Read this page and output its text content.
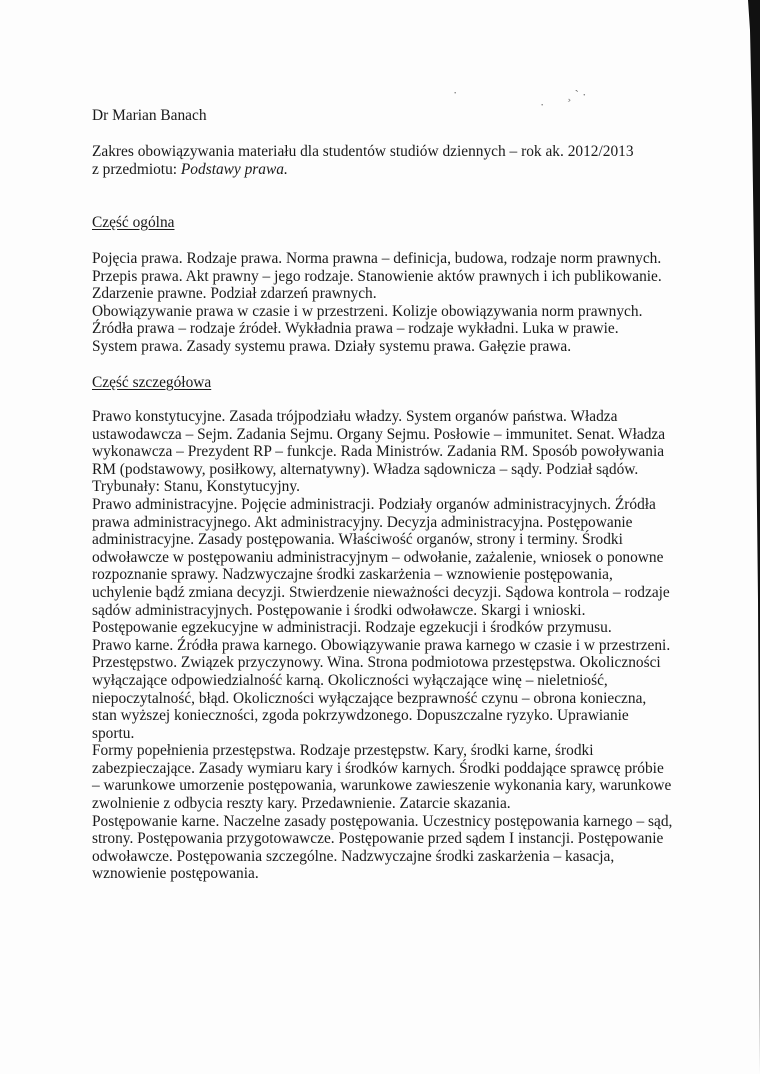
·	¸ ˋ ·
·
Dr Marian Banach
Zakres obowiązywania materiału dla studentów studiów dziennych – rok ak. 2012/2013
z przedmiotu: Podstawy prawa.
Część ogólna
Pojęcia prawa. Rodzaje prawa. Norma prawna – definicja, budowa, rodzaje norm prawnych.
Przepis prawa. Akt prawny – jego rodzaje. Stanowienie aktów prawnych i ich publikowanie.
Zdarzenie prawne. Podział zdarzeń prawnych.
Obowiązywanie prawa w czasie i w przestrzeni. Kolizje obowiązywania norm prawnych.
Źródła prawa – rodzaje źródeł. Wykładnia prawa – rodzaje wykładni. Luka w prawie.
System prawa. Zasady systemu prawa. Działy systemu prawa. Gałęzie prawa.
Część szczegółowa
Prawo konstytucyjne. Zasada trójpodziału władzy. System organów państwa. Władza
ustawodawcza – Sejm. Zadania Sejmu. Organy Sejmu. Posłowie – immunitet. Senat. Władza
wykonawcza – Prezydent RP – funkcje. Rada Ministrów. Zadania RM. Sposób powoływania
RM (podstawowy, posiłkowy, alternatywny). Władza sądownicza – sądy. Podział sądów.
Trybunały: Stanu, Konstytucyjny.
Prawo administracyjne. Pojęcie administracji. Podziały organów administracyjnych. Źródła
prawa administracyjnego. Akt administracyjny. Decyzja administracyjna. Postępowanie
administracyjne. Zasady postępowania. Właściwość organów, strony i terminy. Środki
odwoławcze w postępowaniu administracyjnym – odwołanie, zażalenie, wniosek o ponowne
rozpoznanie sprawy. Nadzwyczajne środki zaskarżenia – wznowienie postępowania,
uchylenie bądź zmiana decyzji. Stwierdzenie nieważności decyzji. Sądowa kontrola – rodzaje
sądów administracyjnych. Postępowanie i środki odwoławcze. Skargi i wnioski.
Postępowanie egzekucyjne w administracji. Rodzaje egzekucji i środków przymusu.
Prawo karne. Źródła prawa karnego. Obowiązywanie prawa karnego w czasie i w przestrzeni.
Przestępstwo. Związek przyczynowy. Wina. Strona podmiotowa przestępstwa. Okoliczności
wyłączające odpowiedzialność karną. Okoliczności wyłączające winę – nieletniość,
niepoczytalność, błąd. Okoliczności wyłączające bezprawność czynu – obrona konieczna,
stan wyższej konieczności, zgoda pokrzywdzonego. Dopuszczalne ryzyko. Uprawianie
sportu.
Formy popełnienia przestępstwa. Rodzaje przestępstw. Kary, środki karne, środki
zabezpieczające. Zasady wymiaru kary i środków karnych. Środki poddające sprawcę próbie
– warunkowe umorzenie postępowania, warunkowe zawieszenie wykonania kary, warunkowe
zwolnienie z odbycia reszty kary. Przedawnienie. Zatarcie skazania.
Postępowanie karne. Naczelne zasady postępowania. Uczestnicy postępowania karnego – sąd,
strony. Postępowania przygotowawcze. Postępowanie przed sądem I instancji. Postępowanie
odwoławcze. Postępowania szczególne. Nadzwyczajne środki zaskarżenia – kasacja,
wznowienie postępowania.
